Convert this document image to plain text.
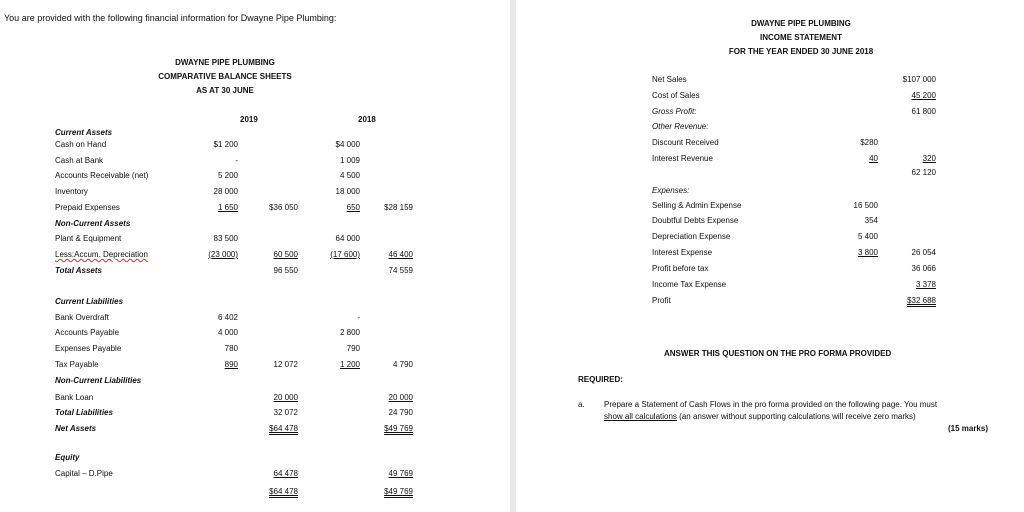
You are provided with the following financial information for Dwayne Pipe Plumbing:
DWAYNE PIPE PLUMBING
COMPARATIVE BALANCE SHEETS
AS AT 30 JUNE
2019	2018
Current Assets
Cash on Hand	$1 200	$4 000
Cash at Bank	-	1 009
Accounts Receivable (net)	5 200	4 500
Inventory	28 000	18 000
Prepaid Expenses	1 650	$36 050	650	$28 159
Non-Current Assets
Plant & Equipment	83 500	64 000
Less:Accum. Depreciation	(23 000)	60 500	(17 600)	46 400
Total Assets	96 550	74 559
Current Liabilities
Bank Overdraft	6 402	-
Accounts Payable	4 000	2 800
Expenses Payable	780	790
Tax Payable	890	12 072	1 200	4 790
Non-Current Liabilities
Bank Loan	20 000	20 000
Total Liabilities	32 072	24 790
Net Assets	$64 478	$49 769
Equity
Capital – D.Pipe	64 478	49 769
$64 478	$49 769
DWAYNE PIPE PLUMBING
INCOME STATEMENT
FOR THE YEAR ENDED 30 JUNE 2018
Net Sales	$107 000
Cost of Sales	45 200
Gross Profit:	61 800
Other Revenue:
Discount Received	$280
Interest Revenue	40	320
62 120
Expenses:
Selling & Admin Expense	16 500
Doubtful Debts Expense	354
Depreciation Expense	5 400
Interest Expense	3 800	26 054
Profit before tax	36 066
Income Tax Expense	3 378
Profit	$32 688
ANSWER THIS QUESTION ON THE PRO FORMA PROVIDED
REQUIRED:
a. Prepare a Statement of Cash Flows in the pro forma provided on the following page. You must
show all calculations (an answer without supporting calculations will receive zero marks)
(15 marks)
